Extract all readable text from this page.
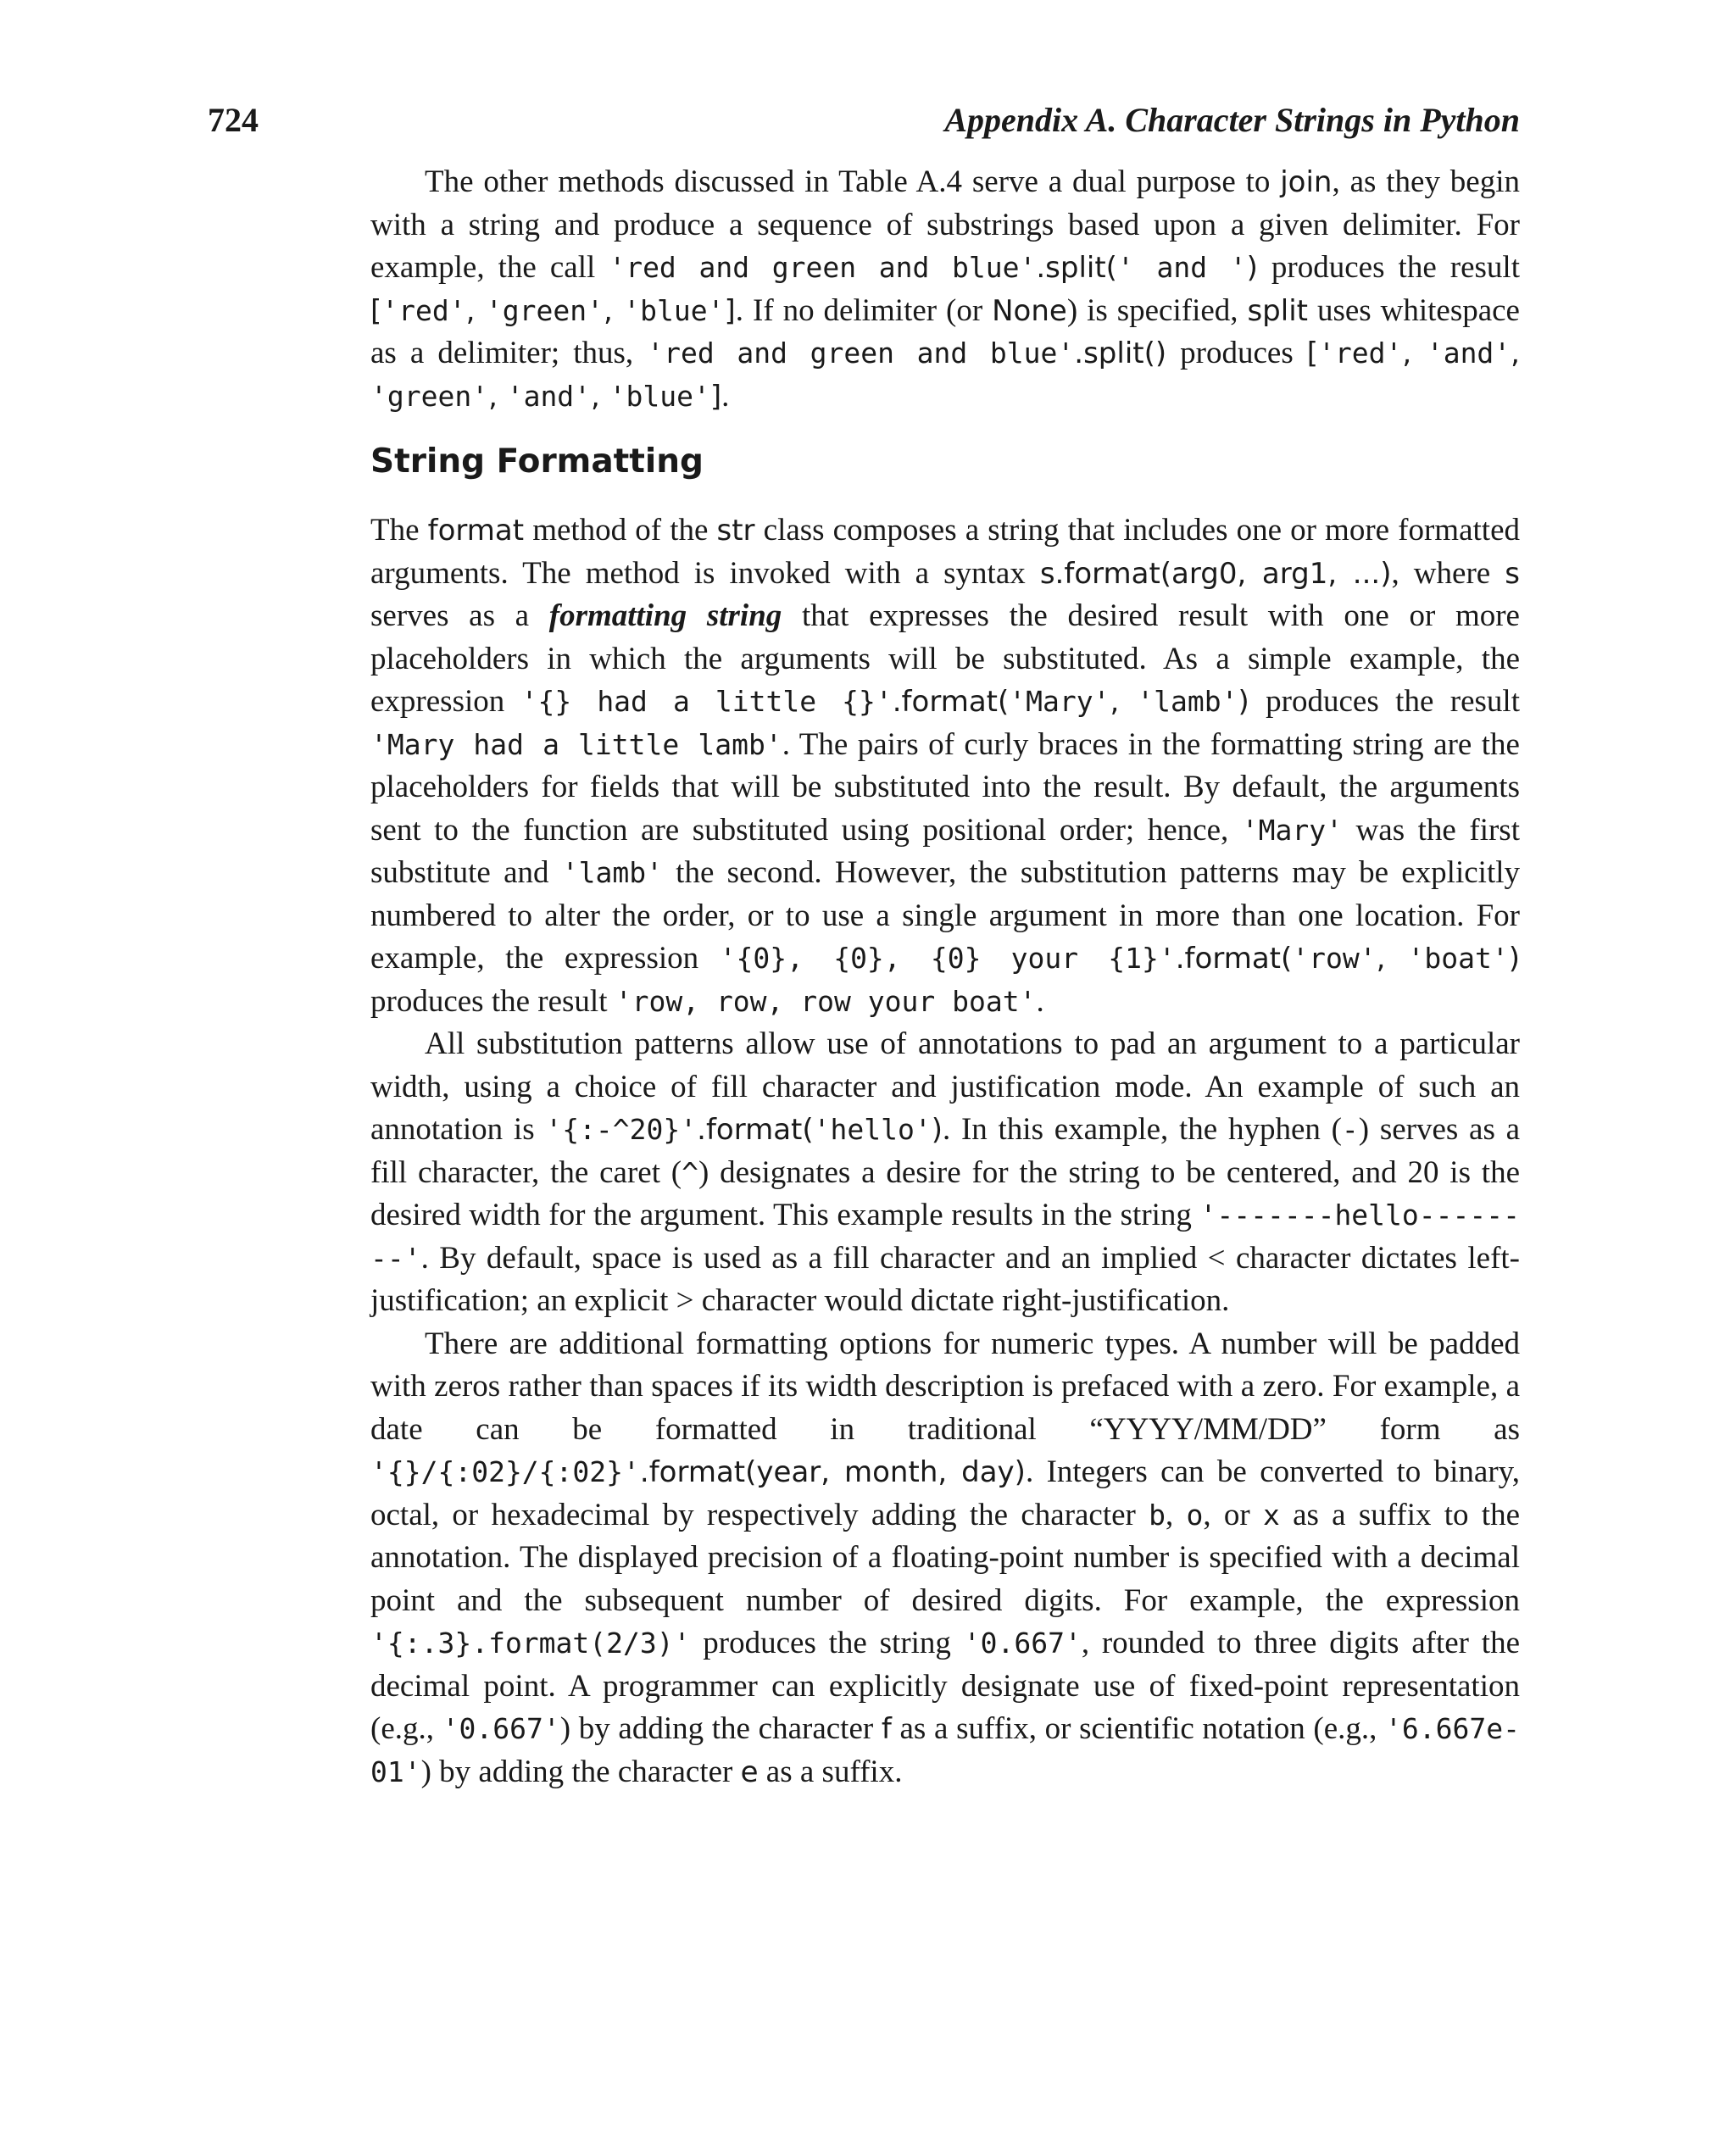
724	Appendix A. Character Strings in Python

The other methods discussed in Table A.4 serve a dual purpose to join, as they begin with a string and produce a sequence of substrings based upon a given delimiter. For example, the call 'red and green and blue'.split(' and ') produces the result ['red', 'green', 'blue']. If no delimiter (or None) is specified, split uses whitespace as a delimiter; thus, 'red and green and blue'.split() produces ['red', 'and', 'green', 'and', 'blue'].

String Formatting

The format method of the str class composes a string that includes one or more formatted arguments. The method is invoked with a syntax s.format(arg0, arg1, ...), where s serves as a formatting string that expresses the desired result with one or more placeholders in which the arguments will be substituted. As a simple example, the expression '{} had a little {}'.format('Mary', 'lamb') produces the result 'Mary had a little lamb'. The pairs of curly braces in the formatting string are the placeholders for fields that will be substituted into the result. By default, the arguments sent to the function are substituted using positional order; hence, 'Mary' was the first substitute and 'lamb' the second. However, the substitution patterns may be explicitly numbered to alter the order, or to use a single argument in more than one location. For example, the expression '{0}, {0}, {0} your {1}'.format('row', 'boat') produces the result 'row, row, row your boat'.

All substitution patterns allow use of annotations to pad an argument to a particular width, using a choice of fill character and justification mode. An example of such an annotation is '{:-^20}'.format('hello'). In this example, the hyphen (-) serves as a fill character, the caret (^) designates a desire for the string to be centered, and 20 is the desired width for the argument. This example results in the string '-------hello--------'. By default, space is used as a fill character and an implied < character dictates left-justification; an explicit > character would dictate right-justification.

There are additional formatting options for numeric types. A number will be padded with zeros rather than spaces if its width description is prefaced with a zero. For example, a date can be formatted in traditional “YYYY/MM/DD” form as '{}/{:02}/{:02}'.format(year, month, day). Integers can be converted to binary, octal, or hexadecimal by respectively adding the character b, o, or x as a suffix to the annotation. The displayed precision of a floating-point number is specified with a decimal point and the subsequent number of desired digits. For example, the expression '{:.3}.format(2/3)' produces the string '0.667', rounded to three digits after the decimal point. A programmer can explicitly designate use of fixed-point representation (e.g., '0.667') by adding the character f as a suffix, or scientific notation (e.g., '6.667e-01') by adding the character e as a suffix.
